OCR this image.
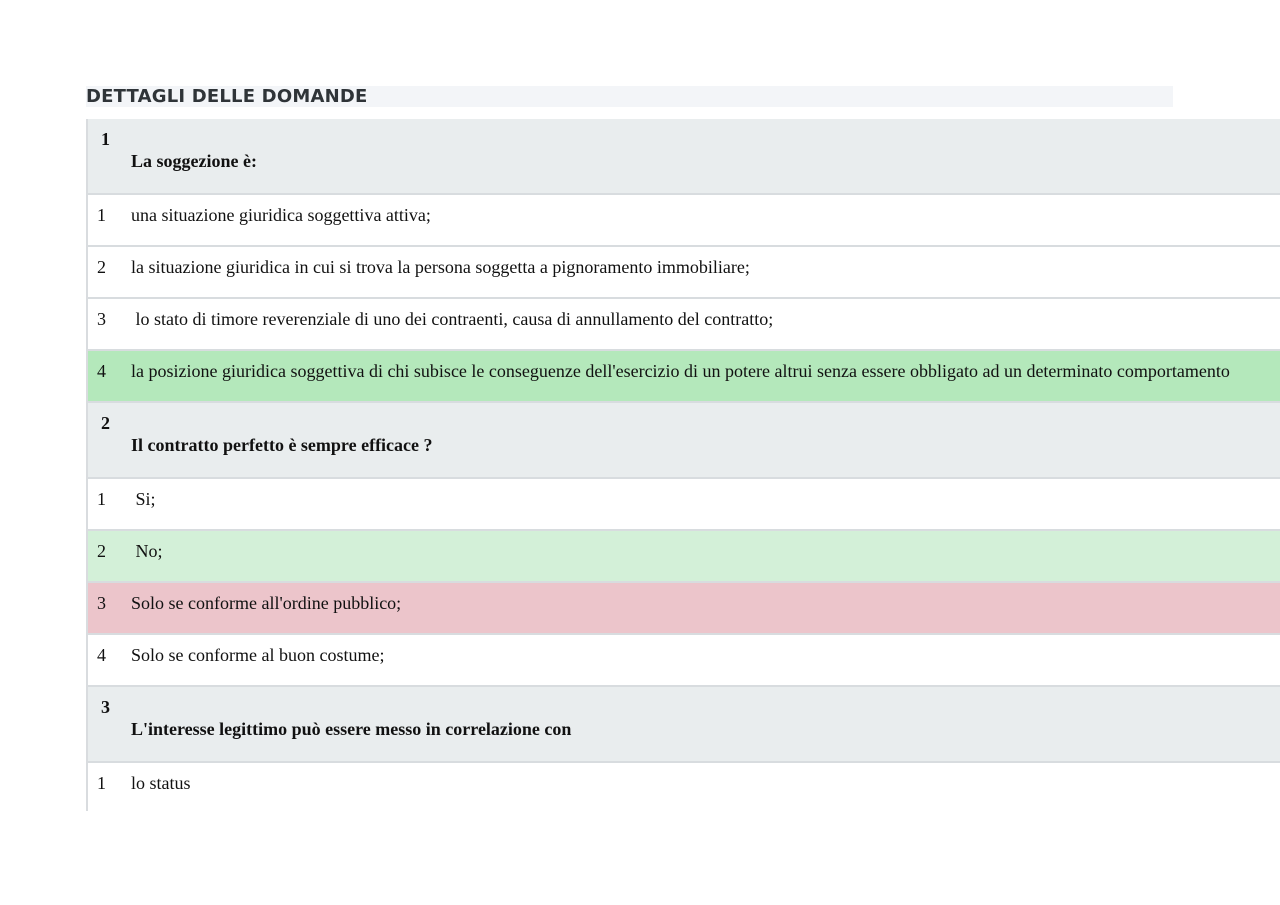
DETTAGLI DELLE DOMANDE
1
La soggezione è:
1 una situazione giuridica soggettiva attiva;
2 la situazione giuridica in cui si trova la persona soggetta a pignoramento immobiliare;
3 lo stato di timore reverenziale di uno dei contraenti, causa di annullamento del contratto;
4 la posizione giuridica soggettiva di chi subisce le conseguenze dell'esercizio di un potere altrui senza essere obbligato ad un determinato comportamento
2
Il contratto perfetto è sempre efficace ?
1 Si;
2 No;
3 Solo se conforme all'ordine pubblico;
4 Solo se conforme al buon costume;
3
L'interesse legittimo può essere messo in correlazione con
1 lo status
